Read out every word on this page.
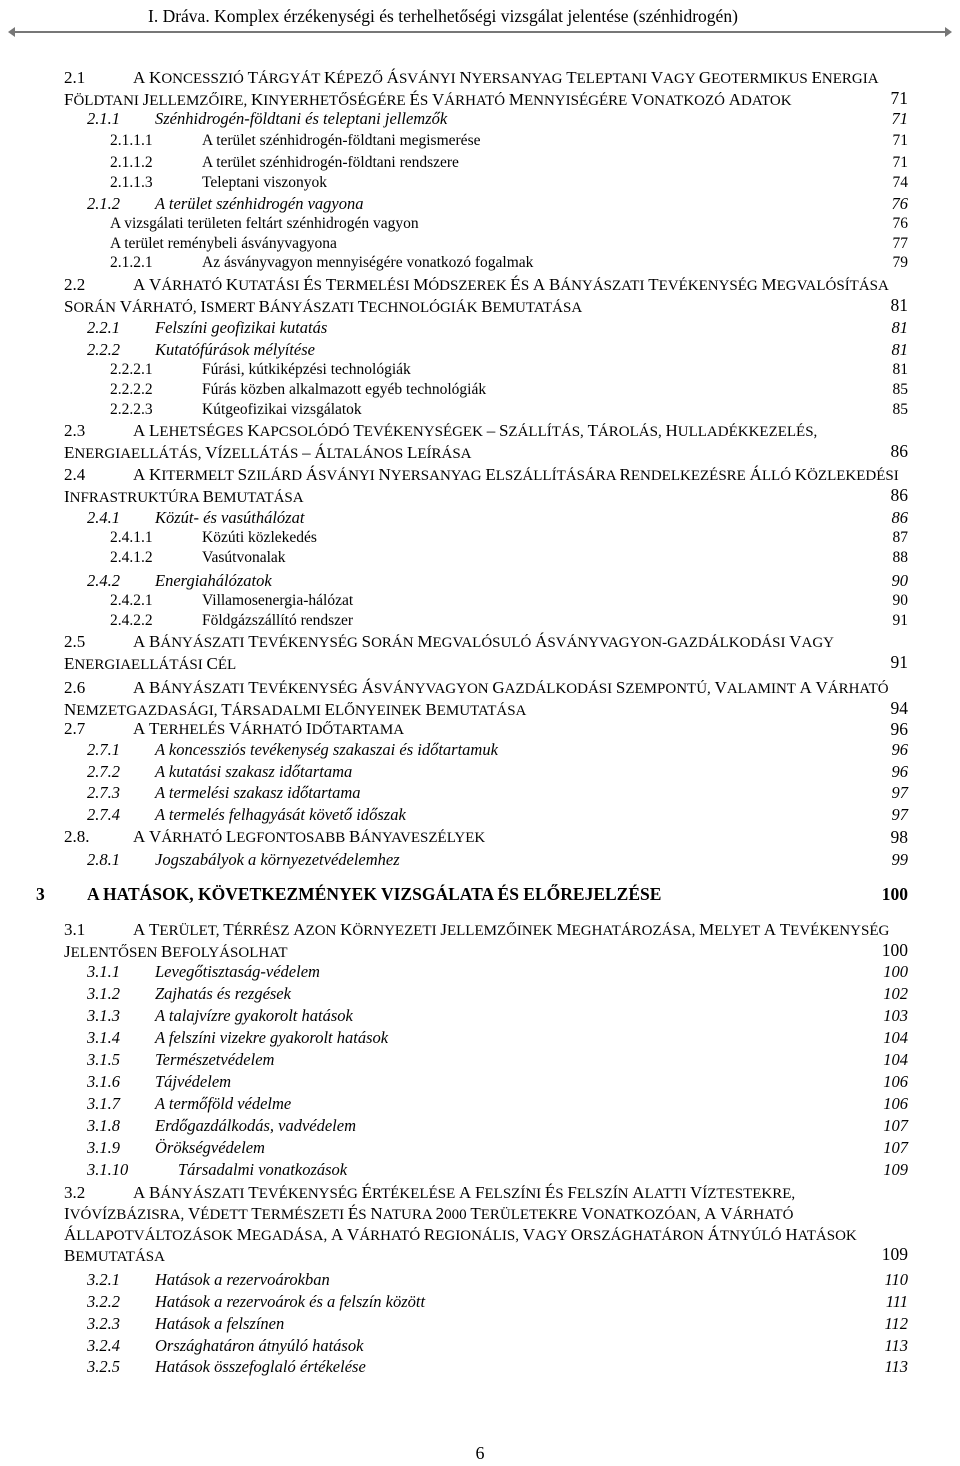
I. Dráva. Komplex érzékenységi és terhelhetőségi vizsgálat jelentése (szénhidrogén)
2.1	A KONCESSZIÓ TÁRGYÁT KÉPEZŐ ÁSVÁNYI NYERSANYAG TELEPTANI VAGY GEOTERMIKUS ENERGIA
FÖLDTANI JELLEMZŐIRE, KINYERHETŐSÉGÉRE ÉS VÁRHATÓ MENNYISÉGÉRE VONATKOZÓ ADATOK	71
2.1.1 Szénhidrogén-földtani és teleptani jellemzők	71
2.1.1.1	A terület szénhidrogén-földtani megismerése	71
2.1.1.2	A terület szénhidrogén-földtani rendszere	71
2.1.1.3	Teleptani viszonyok	74
2.1.2 A terület szénhidrogén vagyona	76
A vizsgálati területen feltárt szénhidrogén vagyon	76
A terület reménybeli ásványvagyona	77
2.1.2.1	Az ásványvagyon mennyiségére vonatkozó fogalmak	79
2.2	A VÁRHATÓ KUTATÁSI ÉS TERMELÉSI MÓDSZEREK ÉS A BÁNYÁSZATI TEVÉKENYSÉG MEGVALÓSÍTÁSA
SORÁN VÁRHATÓ, ISMERT BÁNYÁSZATI TECHNOLÓGIÁK BEMUTATÁSA	81
2.2.1 Felszíni geofizikai kutatás	81
2.2.2 Kutatófúrások mélyítése	81
2.2.2.1	Fúrási, kútkiképzési technológiák	81
2.2.2.2	Fúrás közben alkalmazott egyéb technológiák	85
2.2.2.3	Kútgeofizikai vizsgálatok	85
2.3	A LEHETSÉGES KAPCSOLÓDÓ TEVÉKENYSÉGEK – SZÁLLÍTÁS, TÁROLÁS, HULLADÉKKEZELÉS,
ENERGIAELLÁTÁS, VÍZELLÁTÁS – ÁLTALÁNOS LEÍRÁSA	86
2.4	A KITERMELT SZILÁRD ÁSVÁNYI NYERSANYAG ELSZÁLLÍTÁSÁRA RENDELKEZÉSRE ÁLLÓ KÖZLEKEDÉSI
INFRASTRUKTÚRA BEMUTATÁSA	86
2.4.1 Közút- és vasúthálózat	86
2.4.1.1	Közúti közlekedés	87
2.4.1.2	Vasútvonalak	88
2.4.2 Energiahálózatok	90
2.4.2.1	Villamosenergia-hálózat	90
2.4.2.2	Földgázszállító rendszer	91
2.5	A BÁNYÁSZATI TEVÉKENYSÉG SORÁN MEGVALÓSULÓ ÁSVÁNYVAGYON-GAZDÁLKODÁSI VAGY
ENERGIAELLÁTÁSI CÉL	91
2.6	A BÁNYÁSZATI TEVÉKENYSÉG ÁSVÁNYVAGYON GAZDÁLKODÁSI SZEMPONTÚ, VALAMINT A VÁRHATÓ
NEMZETGAZDASÁGI, TÁRSADALMI ELŐNYEINEK BEMUTATÁSA	94
2.7	A TERHELÉS VÁRHATÓ IDŐTARTAMA	96
2.7.1 A koncessziós tevékenység szakaszai és időtartamuk	96
2.7.2 A kutatási szakasz időtartama	96
2.7.3 A termelési szakasz időtartama	97
2.7.4 A termelés felhagyását követő időszak	97
2.8.	A VÁRHATÓ LEGFONTOSABB BÁNYAVESZÉLYEK	98
2.8.1 Jogszabályok a környezetvédelemhez	99
3 A HATÁSOK, KÖVETKEZMÉNYEK VIZSGÁLATA ÉS ELŐREJELZÉSE	100
3.1	A TERÜLET, TÉRRÉSZ AZON KÖRNYEZETI JELLEMZŐINEK MEGHATÁROZÁSA, MELYET A TEVÉKENYSÉG
JELENTŐSEN BEFOLYÁSOLHAT	100
3.1.1 Levegőtisztaság-védelem	100
3.1.2 Zajhatás és rezgések	102
3.1.3 A talajvízre gyakorolt hatások	103
3.1.4 A felszíni vizekre gyakorolt hatások	104
3.1.5 Természetvédelem	104
3.1.6 Tájvédelem	106
3.1.7 A termőföld védelme	106
3.1.8 Erdőgazdálkodás, vadvédelem	107
3.1.9 Örökségvédelem	107
3.1.10	Társadalmi vonatkozások	109
3.2	A BÁNYÁSZATI TEVÉKENYSÉG ÉRTÉKELÉSE A FELSZÍNI ÉS FELSZÍN ALATTI VÍZTESTEKRE,
IVÓVÍZBÁZISRA, VÉDETT TERMÉSZETI ÉS NATURA 2000 TERÜLETEKRE VONATKOZÓAN, A VÁRHATÓ
ÁLLAPOTVÁLTOZÁSOK MEGADÁSA, A VÁRHATÓ REGIONÁLIS, VAGY ORSZÁGHATÁRON ÁTNYÚLÓ HATÁSOK
BEMUTATÁSA	109
3.2.1 Hatások a rezervoárokban	110
3.2.2 Hatások a rezervoárok és a felszín között	111
3.2.3 Hatások a felszínen	112
3.2.4 Országhatáron átnyúló hatások	113
3.2.5 Hatások összefoglaló értékelése	113
6
